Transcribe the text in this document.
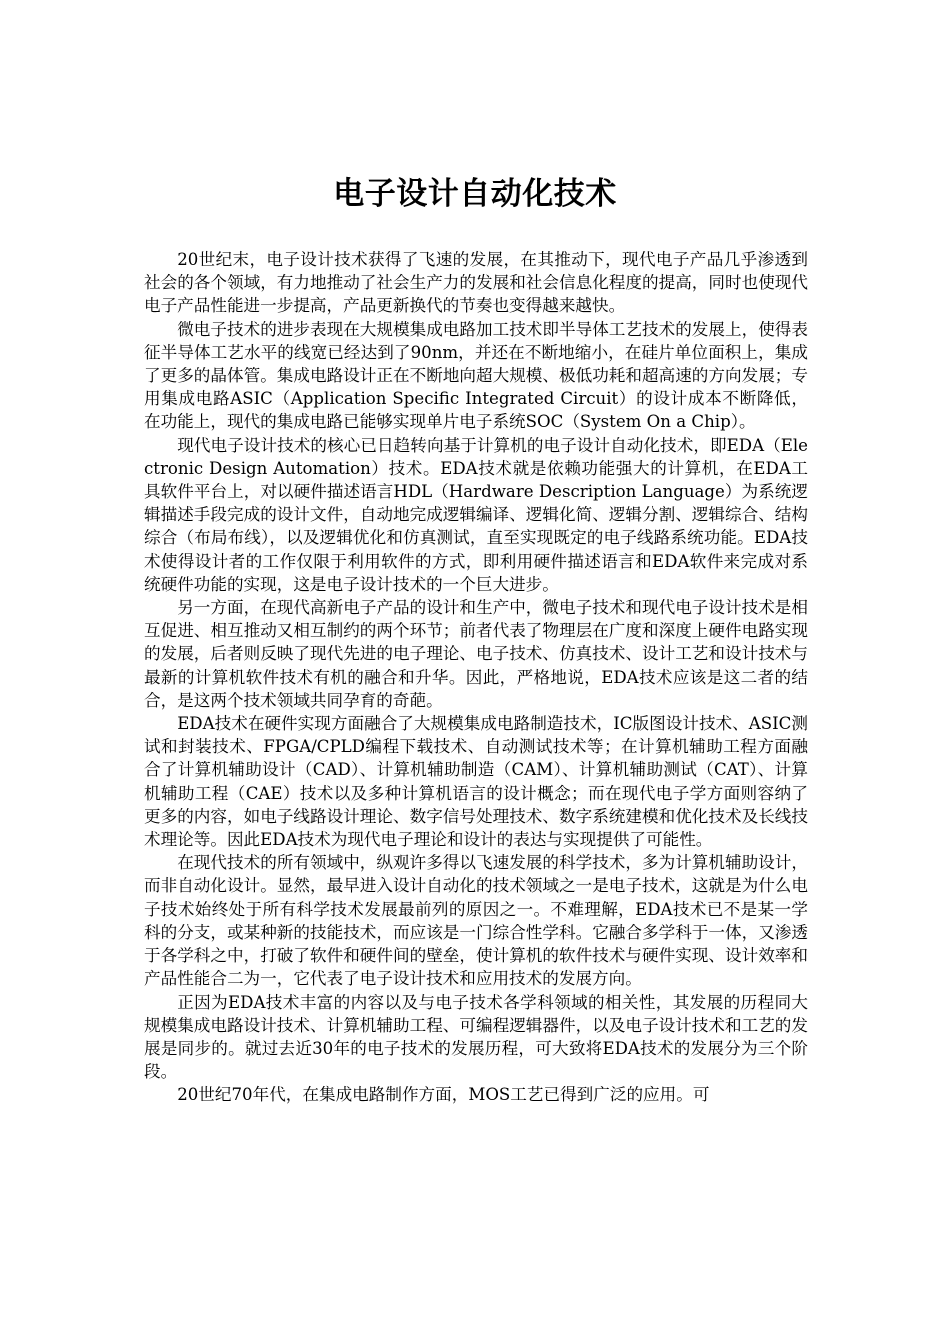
电子设计自动化技术

20世纪末，电子设计技术获得了飞速的发展，在其推动下，现代电子产品几乎渗透到社会的各个领域，有力地推动了社会生产力的发展和社会信息化程度的提高，同时也使现代电子产品性能进一步提高，产品更新换代的节奏也变得越来越快。

微电子技术的进步表现在大规模集成电路加工技术即半导体工艺技术的发展上，使得表征半导体工艺水平的线宽已经达到了90nm，并还在不断地缩小，在硅片单位面积上，集成了更多的晶体管。集成电路设计正在不断地向超大规模、极低功耗和超高速的方向发展；专用集成电路ASIC（Application Specific Integrated Circuit）的设计成本不断降低，在功能上，现代的集成电路已能够实现单片电子系统SOC（System On a Chip）。

现代电子设计技术的核心已日趋转向基于计算机的电子设计自动化技术，即EDA（Electronic Design Automation）技术。EDA技术就是依赖功能强大的计算机，在EDA工具软件平台上，对以硬件描述语言HDL（Hardware Description Language）为系统逻辑描述手段完成的设计文件，自动地完成逻辑编译、逻辑化简、逻辑分割、逻辑综合、结构综合（布局布线），以及逻辑优化和仿真测试，直至实现既定的电子线路系统功能。EDA技术使得设计者的工作仅限于利用软件的方式，即利用硬件描述语言和EDA软件来完成对系统硬件功能的实现，这是电子设计技术的一个巨大进步。

另一方面，在现代高新电子产品的设计和生产中，微电子技术和现代电子设计技术是相互促进、相互推动又相互制约的两个环节；前者代表了物理层在广度和深度上硬件电路实现的发展，后者则反映了现代先进的电子理论、电子技术、仿真技术、设计工艺和设计技术与最新的计算机软件技术有机的融合和升华。因此，严格地说，EDA技术应该是这二者的结合，是这两个技术领域共同孕育的奇葩。

EDA技术在硬件实现方面融合了大规模集成电路制造技术，IC版图设计技术、ASIC测试和封装技术、FPGA/CPLD编程下载技术、自动测试技术等；在计算机辅助工程方面融合了计算机辅助设计（CAD）、计算机辅助制造（CAM）、计算机辅助测试（CAT）、计算机辅助工程（CAE）技术以及多种计算机语言的设计概念；而在现代电子学方面则容纳了更多的内容，如电子线路设计理论、数字信号处理技术、数字系统建模和优化技术及长线技术理论等。因此EDA技术为现代电子理论和设计的表达与实现提供了可能性。

在现代技术的所有领域中，纵观许多得以飞速发展的科学技术，多为计算机辅助设计，而非自动化设计。显然，最早进入设计自动化的技术领域之一是电子技术，这就是为什么电子技术始终处于所有科学技术发展最前列的原因之一。不难理解，EDA技术已不是某一学科的分支，或某种新的技能技术，而应该是一门综合性学科。它融合多学科于一体，又渗透于各学科之中，打破了软件和硬件间的壁垒，使计算机的软件技术与硬件实现、设计效率和产品性能合二为一，它代表了电子设计技术和应用技术的发展方向。

正因为EDA技术丰富的内容以及与电子技术各学科领域的相关性，其发展的历程同大规模集成电路设计技术、计算机辅助工程、可编程逻辑器件，以及电子设计技术和工艺的发展是同步的。就过去近30年的电子技术的发展历程，可大致将EDA技术的发展分为三个阶段。

20世纪70年代，在集成电路制作方面，MOS工艺已得到广泛的应用。可
